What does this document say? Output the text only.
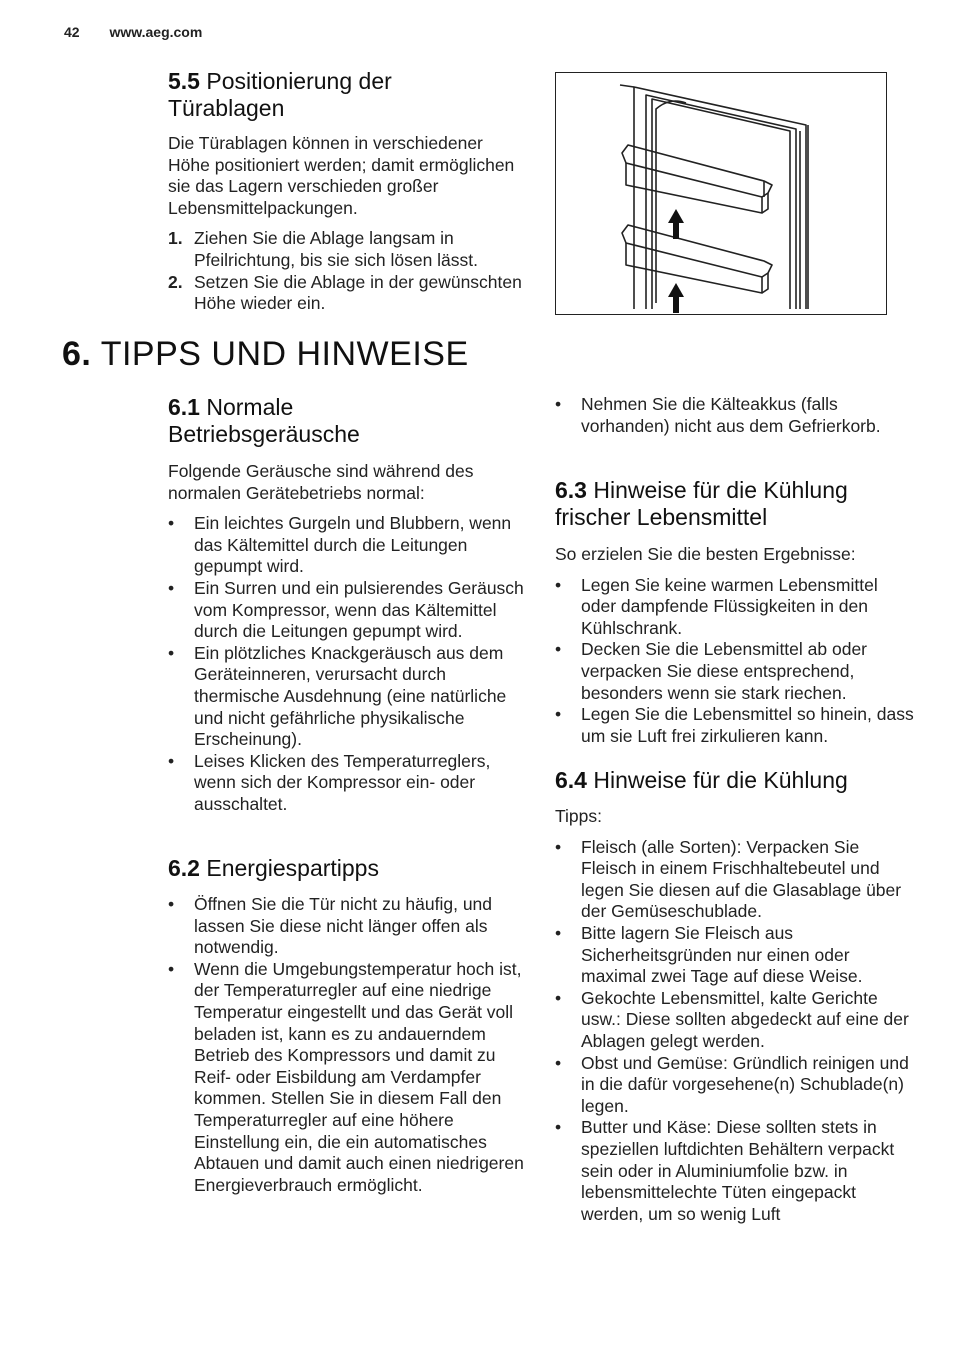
42 www.aeg.com
5.5 Positionierung der
Türablagen

Die Türablagen können in verschiedener Höhe positioniert werden; damit ermöglichen sie das Lagern verschieden großer Lebensmittelpackungen.

1. Ziehen Sie die Ablage langsam in Pfeilrichtung, bis sie sich lösen lässt.
2. Setzen Sie die Ablage in der gewünschten Höhe wieder ein.
6. TIPPS UND HINWEISE
6.1 Normale
Betriebsgeräusche

Folgende Geräusche sind während des normalen Gerätebetriebs normal:

• Ein leichtes Gurgeln und Blubbern, wenn das Kältemittel durch die Leitungen gepumpt wird.
• Ein Surren und ein pulsierendes Geräusch vom Kompressor, wenn das Kältemittel durch die Leitungen gepumpt wird.
• Ein plötzliches Knackgeräusch aus dem Geräteinneren, verursacht durch thermische Ausdehnung (eine natürliche und nicht gefährliche physikalische Erscheinung).
• Leises Klicken des Temperaturreglers, wenn sich der Kompressor ein- oder ausschaltet.
6.2 Energiespartipps
• Öffnen Sie die Tür nicht zu häufig, und lassen Sie diese nicht länger offen als notwendig.
• Wenn die Umgebungstemperatur hoch ist, der Temperaturregler auf eine niedrige Temperatur eingestellt und das Gerät voll beladen ist, kann es zu andauerndem Betrieb des Kompressors und damit zu Reif- oder Eisbildung am Verdampfer kommen. Stellen Sie in diesem Fall den Temperaturregler auf eine höhere Einstellung ein, die ein automatisches Abtauen und damit auch einen niedrigeren Energieverbrauch ermöglicht.
• Nehmen Sie die Kälteakkus (falls vorhanden) nicht aus dem Gefrierkorb.
6.3 Hinweise für die Kühlung
frischer Lebensmittel

So erzielen Sie die besten Ergebnisse:

• Legen Sie keine warmen Lebensmittel oder dampfende Flüssigkeiten in den Kühlschrank.
• Decken Sie die Lebensmittel ab oder verpacken Sie diese entsprechend, besonders wenn sie stark riechen.
• Legen Sie die Lebensmittel so hinein, dass um sie Luft frei zirkulieren kann.
6.4 Hinweise für die Kühlung

Tipps:

• Fleisch (alle Sorten): Verpacken Sie Fleisch in einem Frischhaltebeutel und legen Sie diesen auf die Glasablage über der Gemüseschublade.
• Bitte lagern Sie Fleisch aus Sicherheitsgründen nur einen oder maximal zwei Tage auf diese Weise.
• Gekochte Lebensmittel, kalte Gerichte usw.: Diese sollten abgedeckt auf eine der Ablagen gelegt werden.
• Obst und Gemüse: Gründlich reinigen und in die dafür vorgesehene(n) Schublade(n) legen.
• Butter und Käse: Diese sollten stets in speziellen luftdichten Behältern verpackt sein oder in Aluminiumfolie bzw. in lebensmittelechte Tüten eingepackt werden, um so wenig Luft
